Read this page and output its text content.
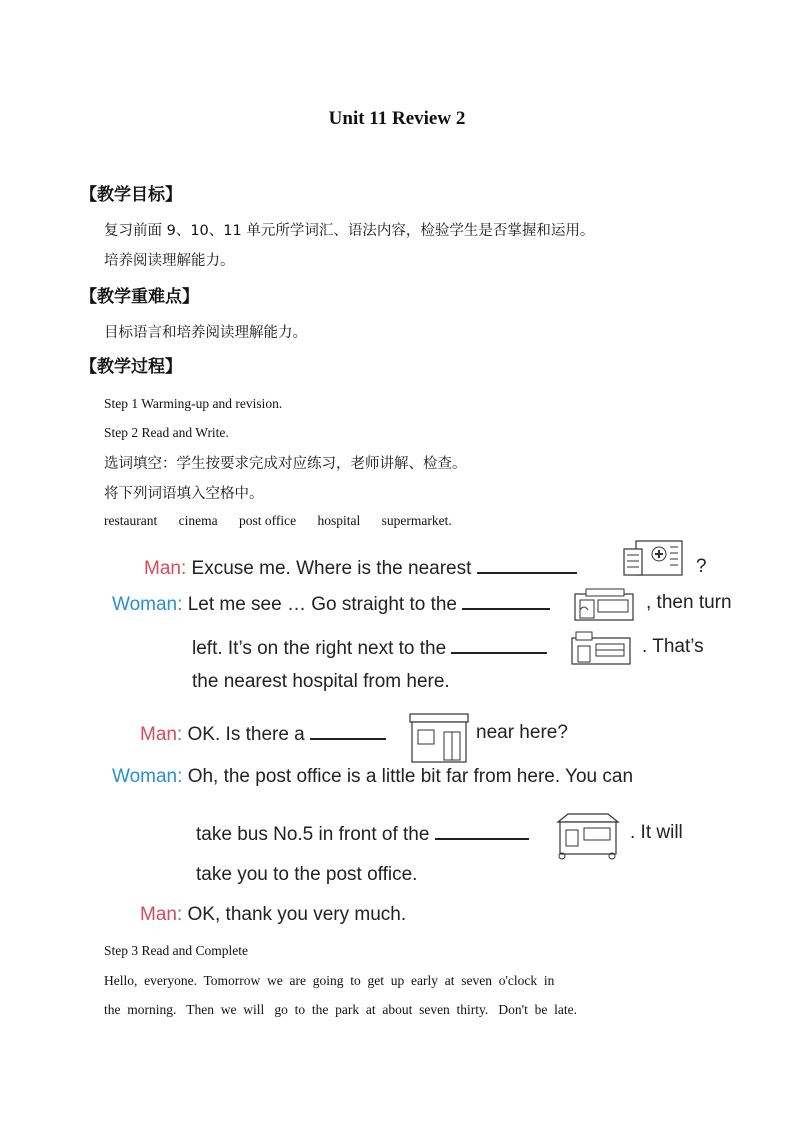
Unit 11 Review 2
【教学目标】
复习前面 9、10、11 单元所学词汇、语法内容，检验学生是否掌握和运用。
培养阅读理解能力。
【教学重难点】
目标语言和培养阅读理解能力。
【教学过程】
Step 1 Warming-up and revision.
Step 2 Read and Write.
选词填空：学生按要求完成对应练习，老师讲解、检查。
将下列词语填入空格中。
restaurant cinema post office hospital supermarket.
Man: Excuse me. Where is the nearest	?
Woman: Let me see … Go straight to the	, then turn
left. It’s on the right next to the	. That’s
the nearest hospital from here.
Man: OK. Is there a	near here?
Woman: Oh, the post office is a little bit far from here. You can
take bus No.5 in front of the	. It will
take you to the post office.
Man: OK, thank you very much.
Step 3 Read and Complete
Hello,  everyone.  Tomorrow  we  are  going  to  get  up  early  at  seven  o'clock  in
the  morning.   Then  we  will   go  to  the  park  at  about  seven  thirty.   Don't  be  late.
